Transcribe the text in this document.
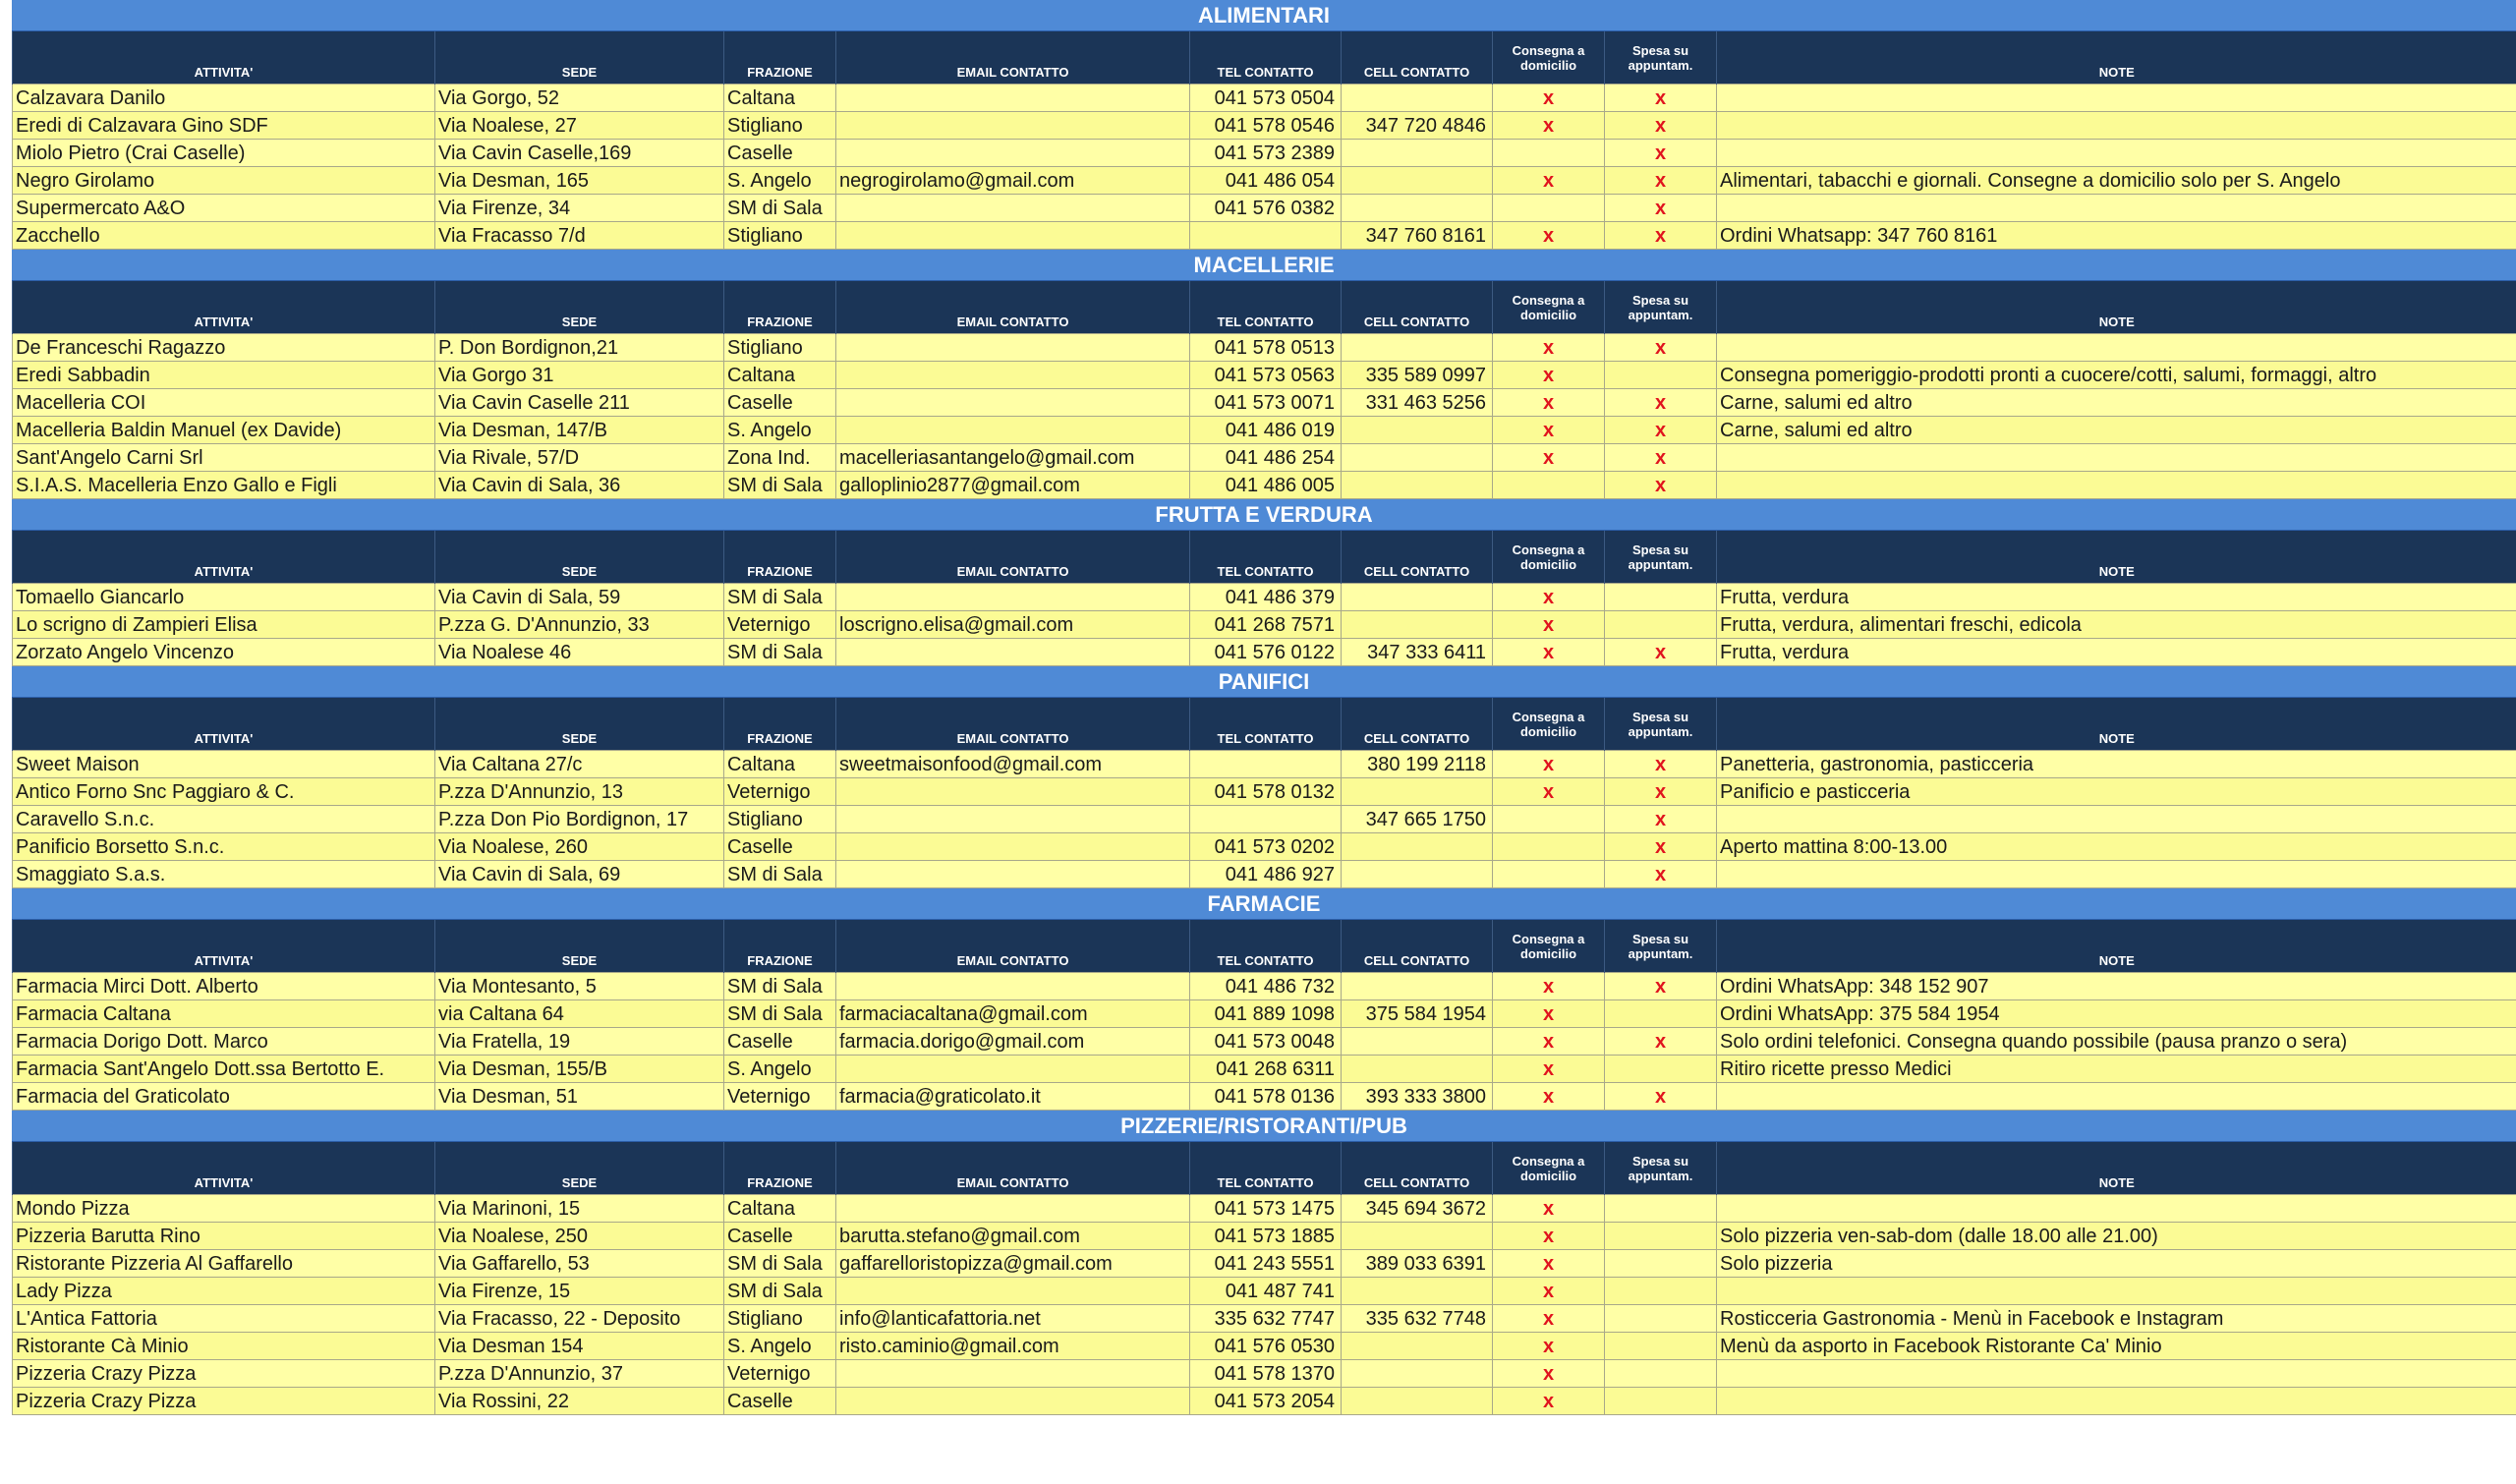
ALIMENTARI
ATTIVITA'	SEDE	FRAZIONE	EMAIL CONTATTO	TEL CONTATTO	CELL CONTATTO	Consegna a domicilio	Spesa su appuntam.	NOTE
Calzavara Danilo	Via Gorgo, 52	Caltana		041 573 0504		x	x	
Eredi di Calzavara Gino SDF	Via Noalese, 27	Stigliano		041 578 0546	347 720 4846	x	x	
Miolo Pietro (Crai Caselle)	Via Cavin Caselle,169	Caselle		041 573 2389			x	
Negro Girolamo	Via Desman, 165	S. Angelo	negrogirolamo@gmail.com	041 486 054		x	x	Alimentari, tabacchi e giornali. Consegne a domicilio solo per S. Angelo
Supermercato A&O	Via Firenze, 34	SM di Sala		041 576 0382			x	
Zacchello	Via Fracasso 7/d	Stigliano			347 760 8161	x	x	Ordini Whatsapp: 347 760 8161
MACELLERIE
ATTIVITA'	SEDE	FRAZIONE	EMAIL CONTATTO	TEL CONTATTO	CELL CONTATTO	Consegna a domicilio	Spesa su appuntam.	NOTE
De Franceschi Ragazzo	P. Don Bordignon,21	Stigliano		041 578 0513		x	x	
Eredi Sabbadin	Via Gorgo 31	Caltana		041 573 0563	335 589 0997	x		Consegna pomeriggio-prodotti pronti a cuocere/cotti, salumi, formaggi, altro
Macelleria COI	Via Cavin Caselle 211	Caselle		041 573 0071	331 463 5256	x	x	Carne, salumi ed altro
Macelleria Baldin Manuel (ex Davide)	Via Desman, 147/B	S. Angelo		041 486 019		x	x	Carne, salumi ed altro
Sant'Angelo Carni Srl	Via Rivale, 57/D	Zona Ind.	macelleriasantangelo@gmail.com	041 486 254		x	x	
S.I.A.S. Macelleria Enzo Gallo e Figli	Via Cavin di Sala, 36	SM di Sala	galloplinio2877@gmail.com	041 486 005			x	
FRUTTA E VERDURA
ATTIVITA'	SEDE	FRAZIONE	EMAIL CONTATTO	TEL CONTATTO	CELL CONTATTO	Consegna a domicilio	Spesa su appuntam.	NOTE
Tomaello Giancarlo	Via Cavin di Sala, 59	SM di Sala		041 486 379		x		Frutta, verdura
Lo scrigno di Zampieri Elisa	P.zza G. D'Annunzio, 33	Veternigo	loscrigno.elisa@gmail.com	041 268 7571		x		Frutta, verdura, alimentari freschi, edicola
Zorzato Angelo Vincenzo	Via Noalese 46	SM di Sala		041 576 0122	347 333 6411	x	x	Frutta, verdura
PANIFICI
ATTIVITA'	SEDE	FRAZIONE	EMAIL CONTATTO	TEL CONTATTO	CELL CONTATTO	Consegna a domicilio	Spesa su appuntam.	NOTE
Sweet Maison	Via Caltana 27/c	Caltana	sweetmaisonfood@gmail.com		380 199 2118	x	x	Panetteria, gastronomia, pasticceria
Antico Forno Snc Paggiaro & C.	P.zza D'Annunzio, 13	Veternigo		041 578 0132		x	x	Panificio e pasticceria
Caravello S.n.c.	P.zza Don Pio Bordignon, 17	Stigliano			347 665 1750		x	
Panificio Borsetto S.n.c.	Via Noalese, 260	Caselle		041 573 0202			x	Aperto mattina 8:00-13.00
Smaggiato S.a.s.	Via Cavin di Sala, 69	SM di Sala		041 486 927			x	
FARMACIE
ATTIVITA'	SEDE	FRAZIONE	EMAIL CONTATTO	TEL CONTATTO	CELL CONTATTO	Consegna a domicilio	Spesa su appuntam.	NOTE
Farmacia Mirci Dott. Alberto	Via Montesanto, 5	SM di Sala		041 486 732		x	x	Ordini WhatsApp: 348 152 907
Farmacia Caltana	via Caltana 64	SM di Sala	farmaciacaltana@gmail.com	041 889 1098	375 584 1954	x		Ordini WhatsApp: 375 584 1954
Farmacia Dorigo Dott. Marco	Via Fratella, 19	Caselle	farmacia.dorigo@gmail.com	041 573 0048		x	x	Solo ordini telefonici. Consegna quando possibile (pausa pranzo o sera)
Farmacia Sant'Angelo Dott.ssa Bertotto E.	Via Desman, 155/B	S. Angelo		041 268 6311		x		Ritiro ricette presso Medici
Farmacia del Graticolato	Via Desman, 51	Veternigo	farmacia@graticolato.it	041 578 0136	393 333 3800	x	x	
PIZZERIE/RISTORANTI/PUB
ATTIVITA'	SEDE	FRAZIONE	EMAIL CONTATTO	TEL CONTATTO	CELL CONTATTO	Consegna a domicilio	Spesa su appuntam.	NOTE
Mondo Pizza	Via Marinoni, 15	Caltana		041 573 1475	345 694 3672	x		
Pizzeria Barutta Rino	Via Noalese, 250	Caselle	barutta.stefano@gmail.com	041 573 1885		x		Solo pizzeria ven-sab-dom (dalle 18.00 alle 21.00)
Ristorante Pizzeria Al Gaffarello	Via Gaffarello, 53	SM di Sala	gaffarelloristopizza@gmail.com	041 243 5551	389 033 6391	x		Solo pizzeria
Lady Pizza	Via Firenze, 15	SM di Sala		041 487 741		x		
L'Antica Fattoria	Via Fracasso, 22 - Deposito	Stigliano	info@lanticafattoria.net	335 632 7747	335 632 7748	x		Rosticceria Gastronomia - Menù in Facebook e Instagram
Ristorante Cà Minio	Via Desman 154	S. Angelo	risto.caminio@gmail.com	041 576 0530		x		Menù da asporto in Facebook Ristorante Ca' Minio
Pizzeria Crazy Pizza	P.zza D'Annunzio, 37	Veternigo		041 578 1370		x		
Pizzeria Crazy Pizza	Via Rossini, 22	Caselle		041 573 2054		x		
